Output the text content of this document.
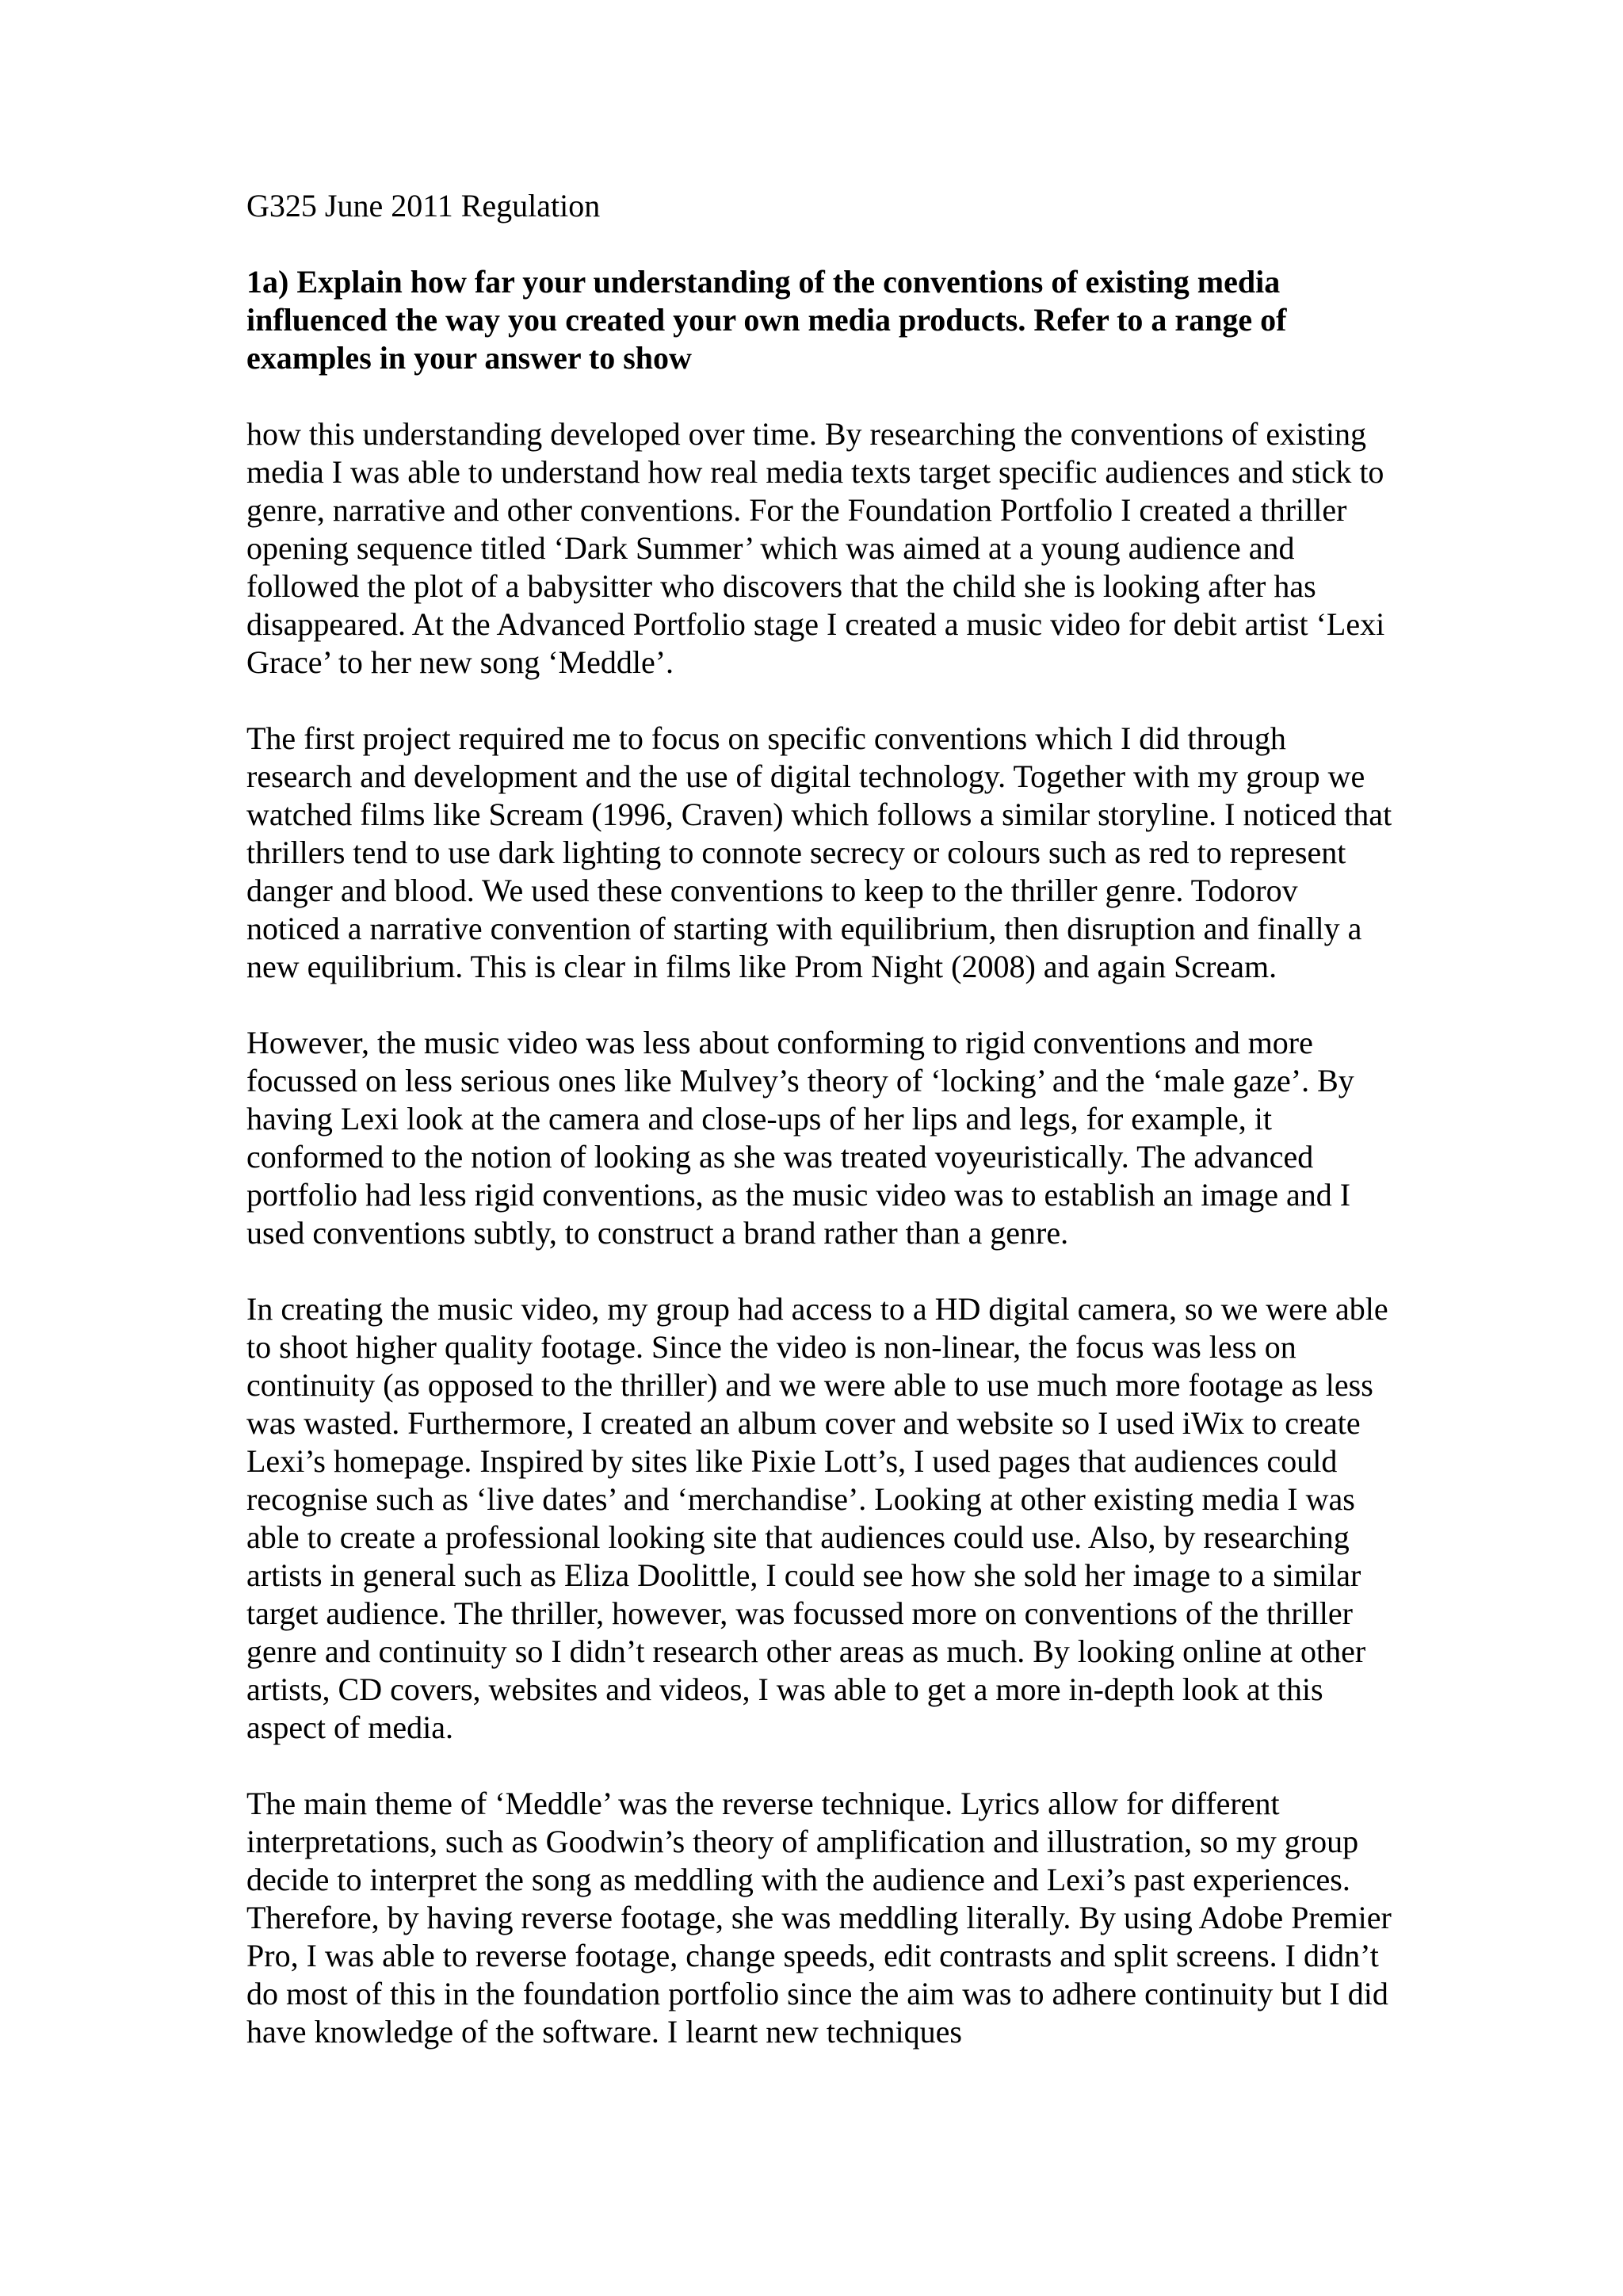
G325 June 2011 Regulation
1a) Explain how far your understanding of the conventions of existing media influenced the way you created your own media products. Refer to a range of examples in your answer to show
how this understanding developed over time. By researching the conventions of existing media I was able to understand how real media texts target specific audiences and stick to genre, narrative and other conventions. For the Foundation Portfolio I created a thriller opening sequence titled ‘Dark Summer’ which was aimed at a young audience and followed the plot of a babysitter who discovers that the child she is looking after has disappeared. At the Advanced Portfolio stage I created a music video for debit artist ‘Lexi Grace’ to her new song ‘Meddle’.
The first project required me to focus on specific conventions which I did through research and development and the use of digital technology. Together with my group we watched films like Scream (1996, Craven) which follows a similar storyline. I noticed that thrillers tend to use dark lighting to connote secrecy or colours such as red to represent danger and blood. We used these conventions to keep to the thriller genre. Todorov noticed a narrative convention of starting with equilibrium, then disruption and finally a new equilibrium. This is clear in films like Prom Night (2008) and again Scream.
However, the music video was less about conforming to rigid conventions and more focussed on less serious ones like Mulvey’s theory of ‘locking’ and the ‘male gaze’. By having Lexi look at the camera and close-ups of her lips and legs, for example, it conformed to the notion of looking as she was treated voyeuristically. The advanced portfolio had less rigid conventions, as the music video was to establish an image and I used conventions subtly, to construct a brand rather than a genre.
In creating the music video, my group had access to a HD digital camera, so we were able to shoot higher quality footage. Since the video is non-linear, the focus was less on continuity (as opposed to the thriller) and we were able to use much more footage as less was wasted. Furthermore, I created an album cover and website so I used iWix to create Lexi’s homepage. Inspired by sites like Pixie Lott’s, I used pages that audiences could recognise such as ‘live dates’ and ‘merchandise’. Looking at other existing media I was able to create a professional looking site that audiences could use. Also, by researching artists in general such as Eliza Doolittle, I could see how she sold her image to a similar target audience. The thriller, however, was focussed more on conventions of the thriller genre and continuity so I didn’t research other areas as much. By looking online at other artists, CD covers, websites and videos, I was able to get a more in-depth look at this aspect of media.
The main theme of ‘Meddle’ was the reverse technique. Lyrics allow for different interpretations, such as Goodwin’s theory of amplification and illustration, so my group decide to interpret the song as meddling with the audience and Lexi’s past experiences. Therefore, by having reverse footage, she was meddling literally. By using Adobe Premier Pro, I was able to reverse footage, change speeds, edit contrasts and split screens. I didn’t do most of this in the foundation portfolio since the aim was to adhere continuity but I did have knowledge of the software. I learnt new techniques
